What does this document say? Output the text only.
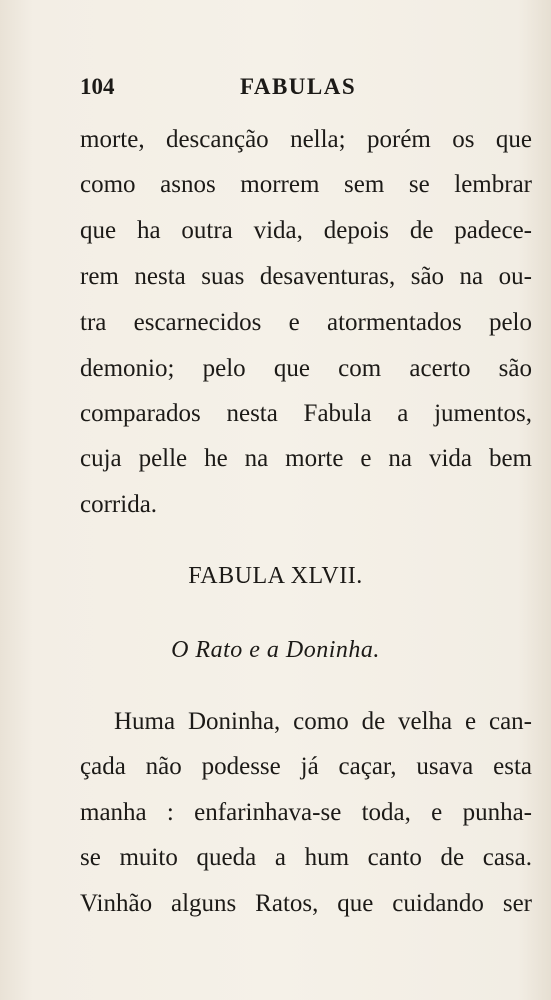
104	FABULAS
morte, descanção nella; porém os que
como asnos morrem sem se lembrar
que ha outra vida, depois de padece-
rem nesta suas desaventuras, são na ou-
tra escarnecidos e atormentados pelo
demonio; pelo que com acerto são
comparados nesta Fabula a jumentos,
cuja pelle he na morte e na vida bem
corrida.
FABULA XLVII.
O Rato e a Doninha.
Huma Doninha, como de velha e can-
çada não podesse já caçar, usava esta
manha : enfarinhava-se toda, e punha-
se muito queda a hum canto de casa.
Vinhão alguns Ratos, que cuidando ser
